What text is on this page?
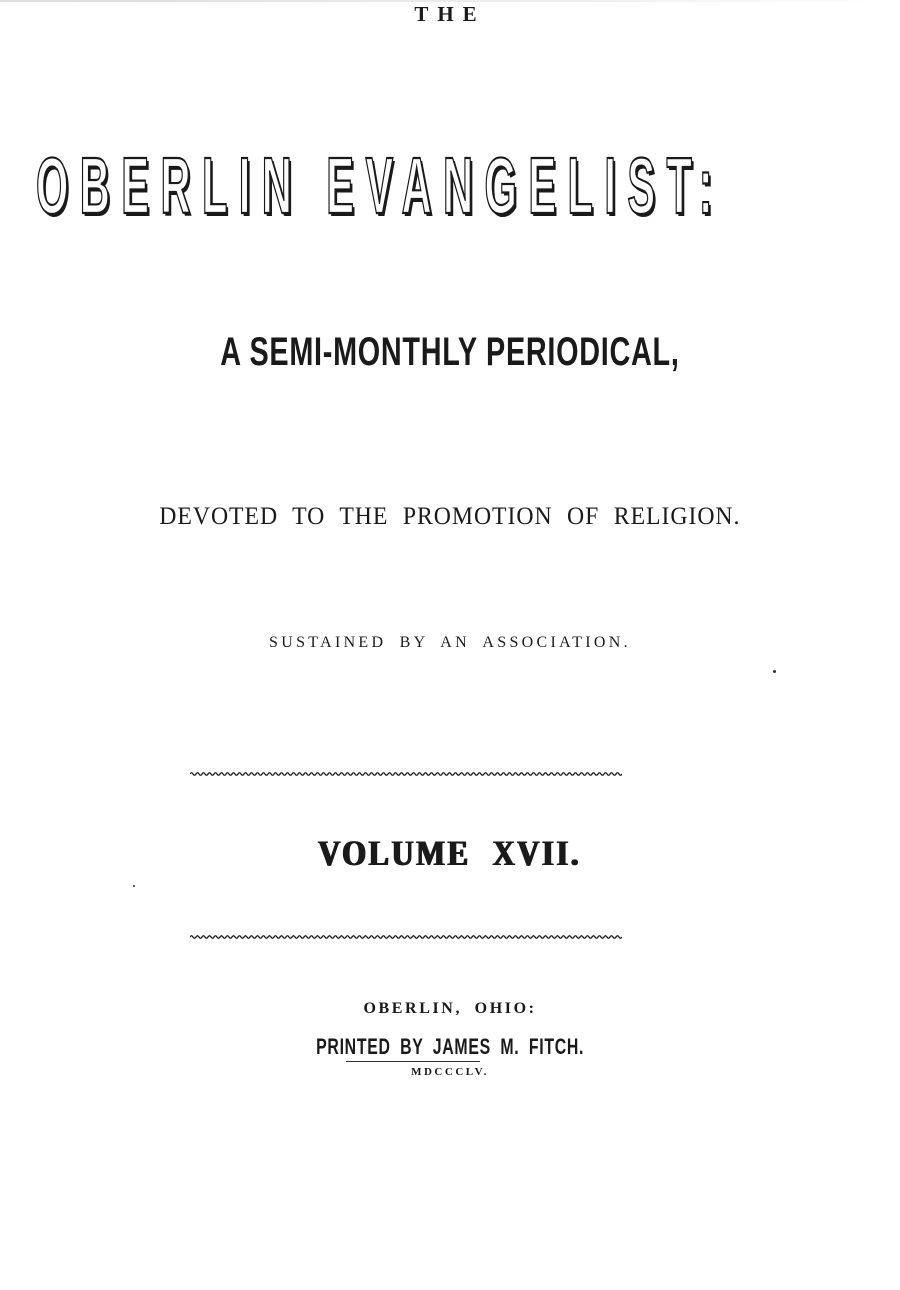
THE
OBERLIN EVANGELIST:
A SEMI-MONTHLY PERIODICAL,
DEVOTED TO THE PROMOTION OF RELIGION.
SUSTAINED BY AN ASSOCIATION.
VOLUME XVII.
OBERLIN, OHIO:
PRINTED BY JAMES M. FITCH.
MDCCCLV.
